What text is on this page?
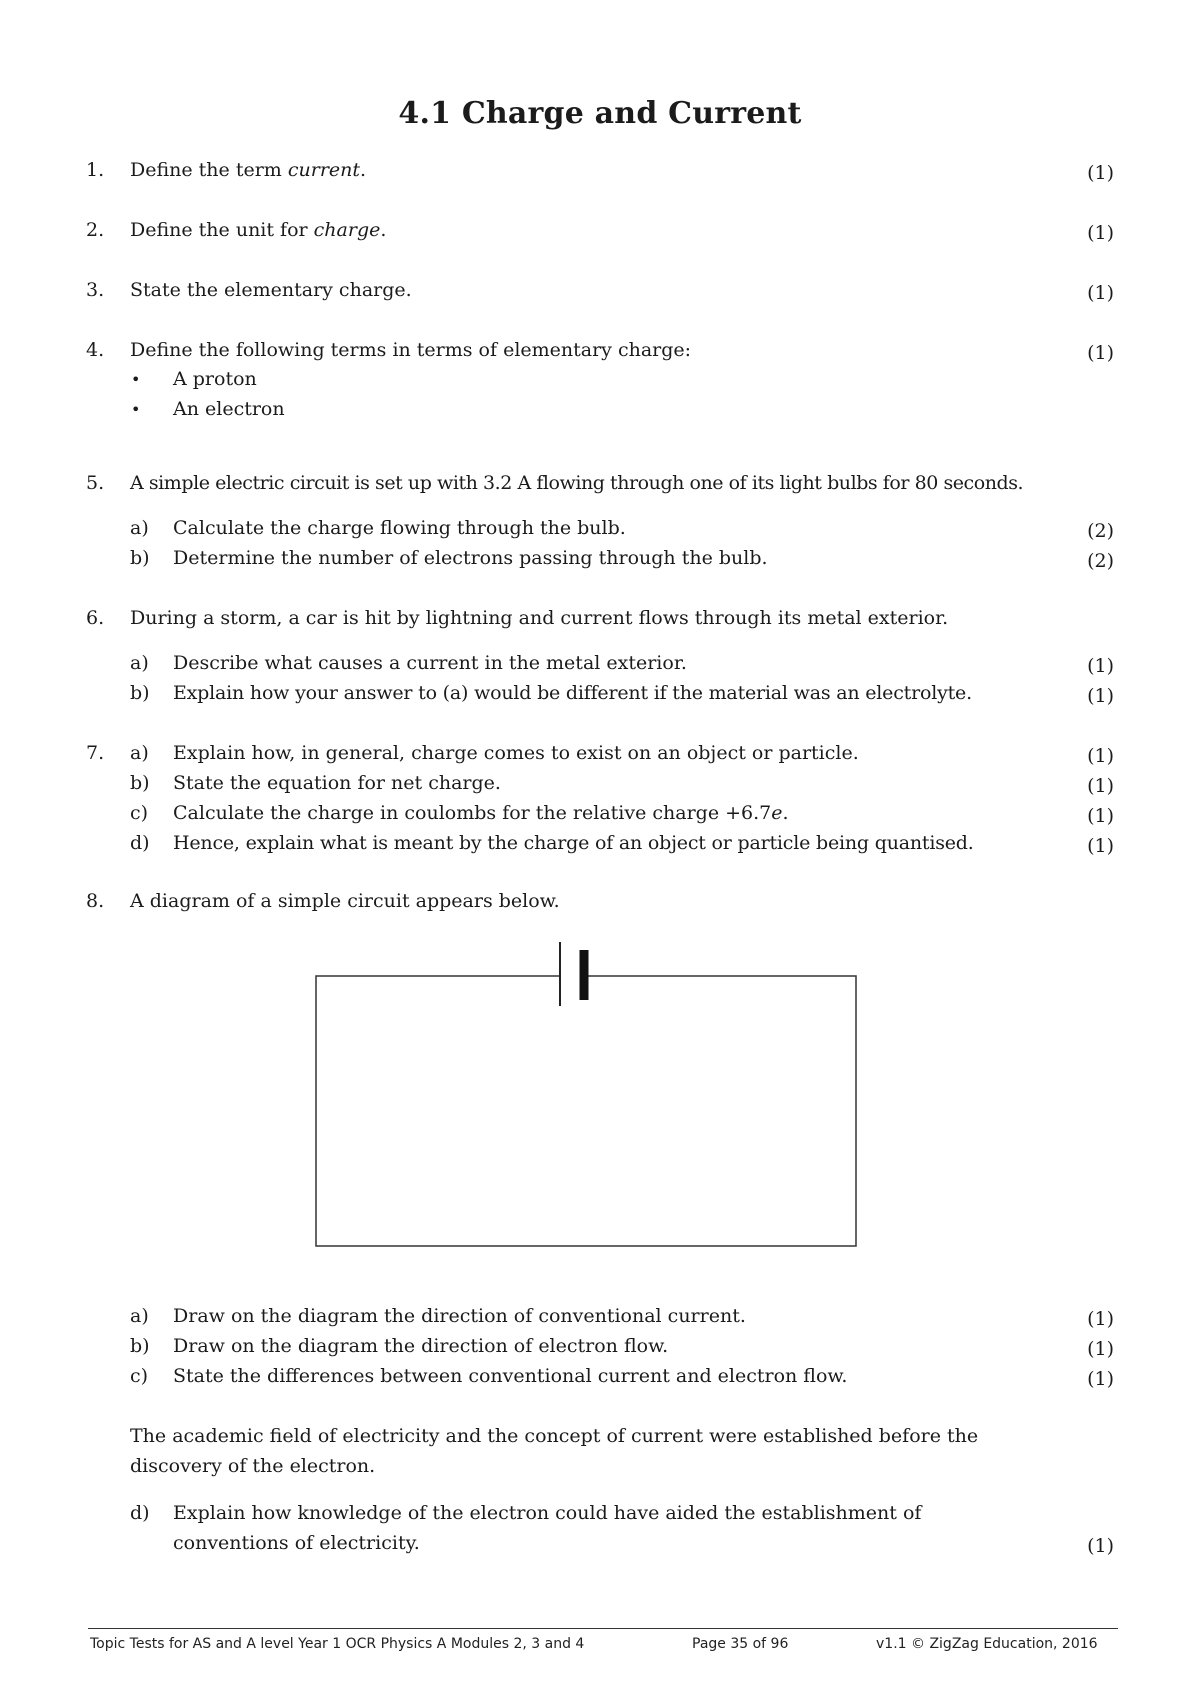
4.1 Charge and Current
1. Define the term current.	(1)
2. Define the unit for charge.	(1)
3. State the elementary charge.	(1)
4. Define the following terms in terms of elementary charge:	(1)
• A proton
• An electron
5. A simple electric circuit is set up with 3.2 A flowing through one of its light bulbs for 80 seconds.
a) Calculate the charge flowing through the bulb.	(2)
b) Determine the number of electrons passing through the bulb.	(2)
6. During a storm, a car is hit by lightning and current flows through its metal exterior.
a) Describe what causes a current in the metal exterior.	(1)
b) Explain how your answer to (a) would be different if the material was an electrolyte.	(1)
7. a) Explain how, in general, charge comes to exist on an object or particle.	(1)
b) State the equation for net charge.	(1)
c) Calculate the charge in coulombs for the relative charge +6.7e.	(1)
d) Hence, explain what is meant by the charge of an object or particle being quantised.	(1)
8. A diagram of a simple circuit appears below.
a) Draw on the diagram the direction of conventional current.	(1)
b) Draw on the diagram the direction of electron flow.	(1)
c) State the differences between conventional current and electron flow.	(1)
The academic field of electricity and the concept of current were established before the
discovery of the electron.
d) Explain how knowledge of the electron could have aided the establishment of
conventions of electricity.	(1)
Topic Tests for AS and A level Year 1 OCR Physics A Modules 2, 3 and 4	Page 35 of 96	v1.1 © ZigZag Education, 2016
